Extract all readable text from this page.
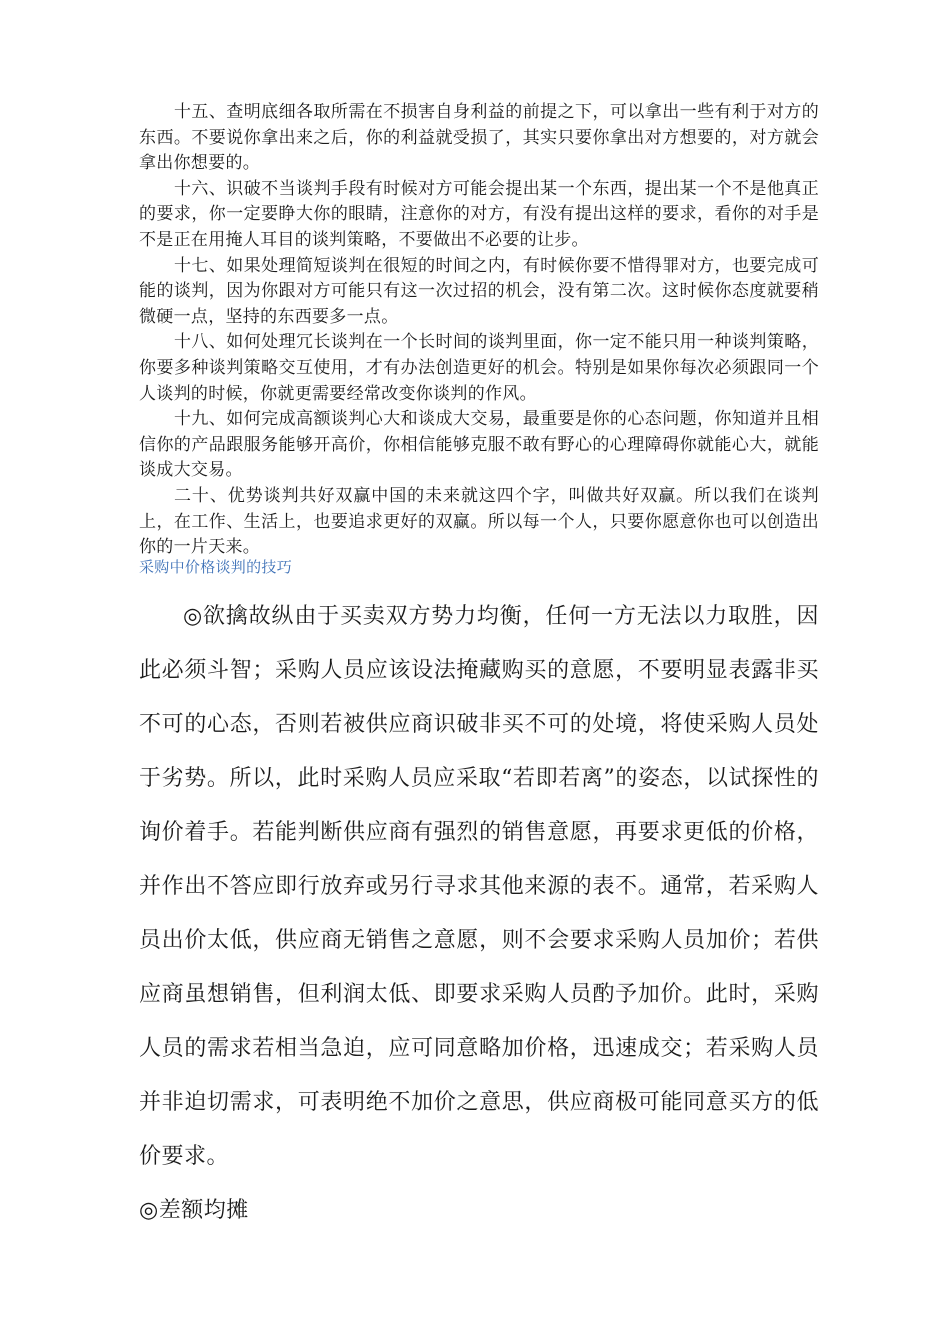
十五、查明底细各取所需在不损害自身利益的前提之下，可以拿出一些有利于对方的东西。不要说你拿出来之后，你的利益就受损了，其实只要你拿出对方想要的，对方就会拿出你想要的。

十六、识破不当谈判手段有时候对方可能会提出某一个东西，提出某一个不是他真正的要求，你一定要睁大你的眼睛，注意你的对方，有没有提出这样的要求，看你的对手是不是正在用掩人耳目的谈判策略，不要做出不必要的让步。

十七、如果处理简短谈判在很短的时间之内，有时候你要不惜得罪对方，也要完成可能的谈判，因为你跟对方可能只有这一次过招的机会，没有第二次。这时候你态度就要稍微硬一点，坚持的东西要多一点。

十八、如何处理冗长谈判在一个长时间的谈判里面，你一定不能只用一种谈判策略，你要多种谈判策略交互使用，才有办法创造更好的机会。特别是如果你每次必须跟同一个人谈判的时候，你就更需要经常改变你谈判的作风。

十九、如何完成高额谈判心大和谈成大交易，最重要是你的心态问题，你知道并且相信你的产品跟服务能够开高价，你相信能够克服不敢有野心的心理障碍你就能心大，就能谈成大交易。

二十、优势谈判共好双赢中国的未来就这四个字，叫做共好双赢。所以我们在谈判上，在工作、生活上，也要追求更好的双赢。所以每一个人，只要你愿意你也可以创造出你的一片天来。

采购中价格谈判的技巧

◎欲擒故纵由于买卖双方势力均衡，任何一方无法以力取胜，因此必须斗智；采购人员应该设法掩藏购买的意愿，不要明显表露非买不可的心态，否则若被供应商识破非买不可的处境，将使采购人员处于劣势。所以，此时采购人员应采取“若即若离”的姿态，以试探性的询价着手。若能判断供应商有强烈的销售意愿，再要求更低的价格，并作出不答应即行放弃或另行寻求其他来源的表不。通常，若采购人员出价太低，供应商无销售之意愿，则不会要求采购人员加价；若供应商虽想销售，但利润太低、即要求采购人员酌予加价。此时，采购人员的需求若相当急迫，应可同意略加价格，迅速成交；若采购人员并非迫切需求，可表明绝不加价之意思，供应商极可能同意买方的低价要求。

◎差额均摊
